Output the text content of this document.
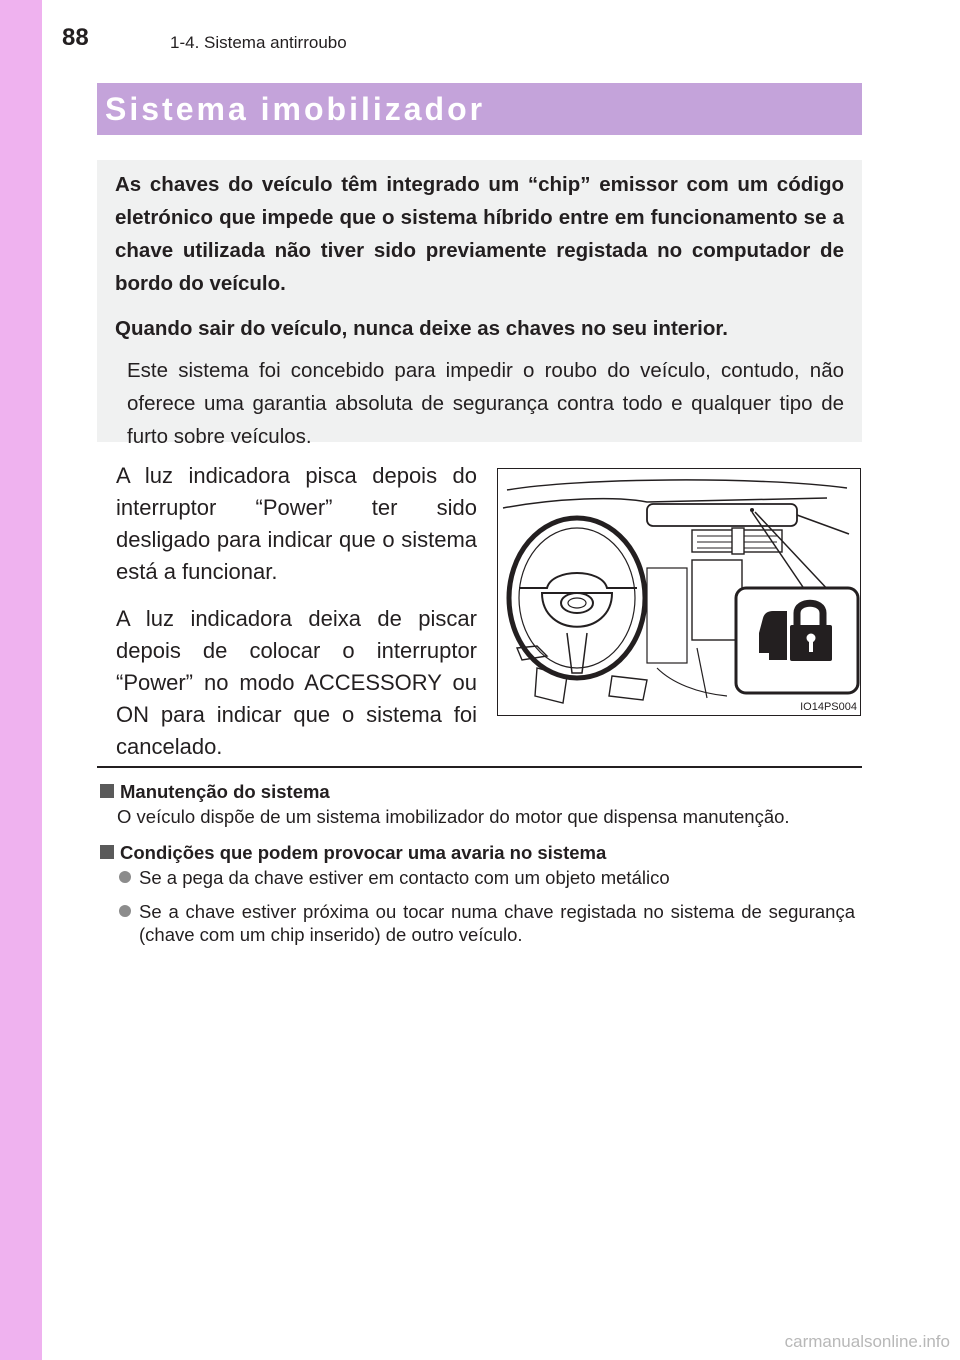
88	1-4. Sistema antirroubo
Sistema imobilizador

As chaves do veículo têm integrado um “chip” emissor com um código eletrónico que impede que o sistema híbrido entre em funcionamento se a chave utilizada não tiver sido previamente registada no computador de bordo do veículo.

Quando sair do veículo, nunca deixe as chaves no seu interior.

Este sistema foi concebido para impedir o roubo do veículo, contudo, não oferece uma garantia absoluta de segurança contra todo e qualquer tipo de furto sobre veículos.

A luz indicadora pisca depois do interruptor “Power” ter sido desligado para indicar que o sistema está a funcionar.

A luz indicadora deixa de piscar depois de colocar o interruptor “Power” no modo ACCESSORY ou ON para indicar que o sistema foi cancelado.

IO14PS004

Manutenção do sistema

O veículo dispõe de um sistema imobilizador do motor que dispensa manutenção.

Condições que podem provocar uma avaria no sistema

Se a pega da chave estiver em contacto com um objeto metálico
Se a chave estiver próxima ou tocar numa chave registada no sistema de segurança (chave com um chip inserido) de outro veículo.
carmanualsonline.info
